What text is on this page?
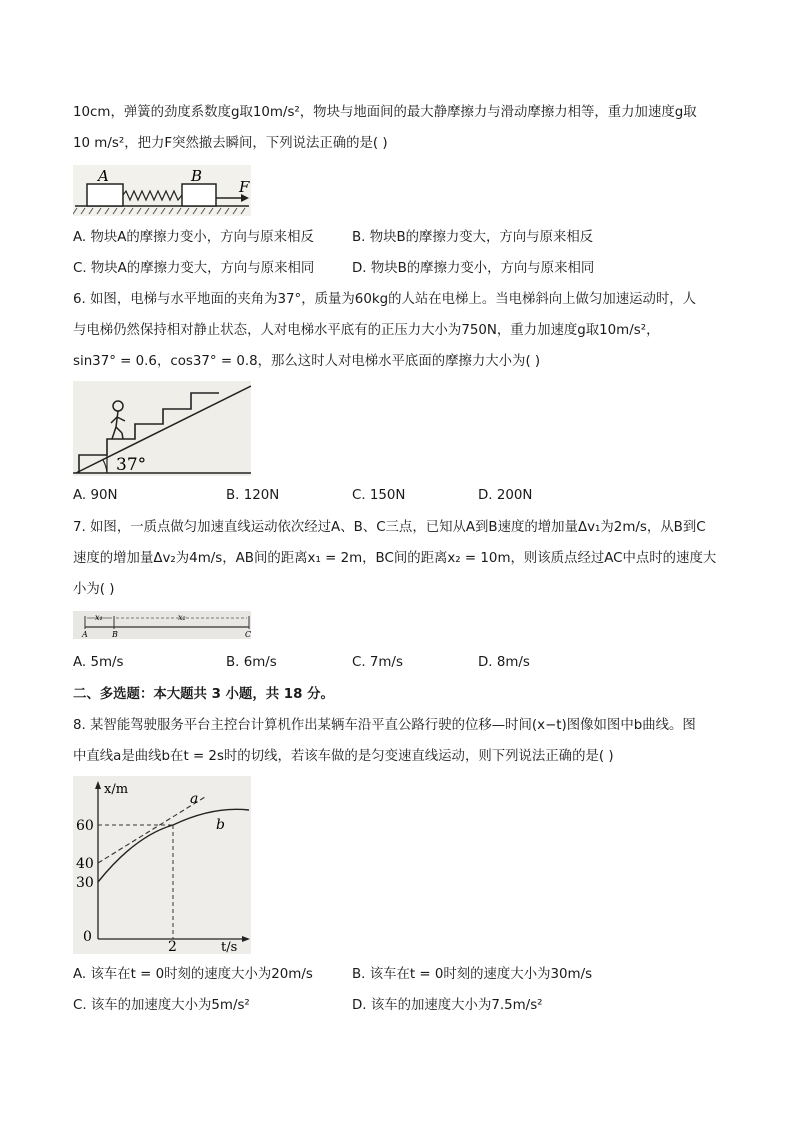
10cm，弹簧的劲度系数度g取10m/s²，物块与地面间的最大静摩擦力与滑动摩擦力相等，重力加速度g取
10 m/s²，把力F突然撤去瞬间，下列说法正确的是( )
A	B
F
A. 物块A的摩擦力变小，方向与原来相反	B. 物块B的摩擦力变大，方向与原来相反
C. 物块A的摩擦力变大，方向与原来相同	D. 物块B的摩擦力变小，方向与原来相同
6. 如图，电梯与水平地面的夹角为37°，质量为60kg的人站在电梯上。当电梯斜向上做匀加速运动时，人
与电梯仍然保持相对静止状态，人对电梯水平底有的正压力大小为750N，重力加速度g取10m/s²，
sin37° = 0.6，cos37° = 0.8，那么这时人对电梯水平底面的摩擦力大小为( )
37°
A. 90N	B. 120N	C. 150N	D. 200N
7. 如图，一质点做匀加速直线运动依次经过A、B、C三点，已知从A到B速度的增加量Δv₁为2m/s，从B到C
速度的增加量Δv₂为4m/s，AB间的距离x₁ = 2m，BC间的距离x₂ = 10m，则该质点经过AC中点时的速度大
小为( )
x₁	x₂
A	B	C
A. 5m/s	B. 6m/s	C. 7m/s	D. 8m/s
二、多选题：本大题共 3 小题，共 18 分。
8. 某智能驾驶服务平台主控台计算机作出某辆车沿平直公路行驶的位移—时间(x−t)图像如图中b曲线。图
中直线a是曲线b在t = 2s时的切线，若该车做的是匀变速直线运动，则下列说法正确的是( )
x/m
t/s
60
40
30
0
2
a
b
A. 该车在t = 0时刻的速度大小为20m/s	B. 该车在t = 0时刻的速度大小为30m/s
C. 该车的加速度大小为5m/s²	D. 该车的加速度大小为7.5m/s²
